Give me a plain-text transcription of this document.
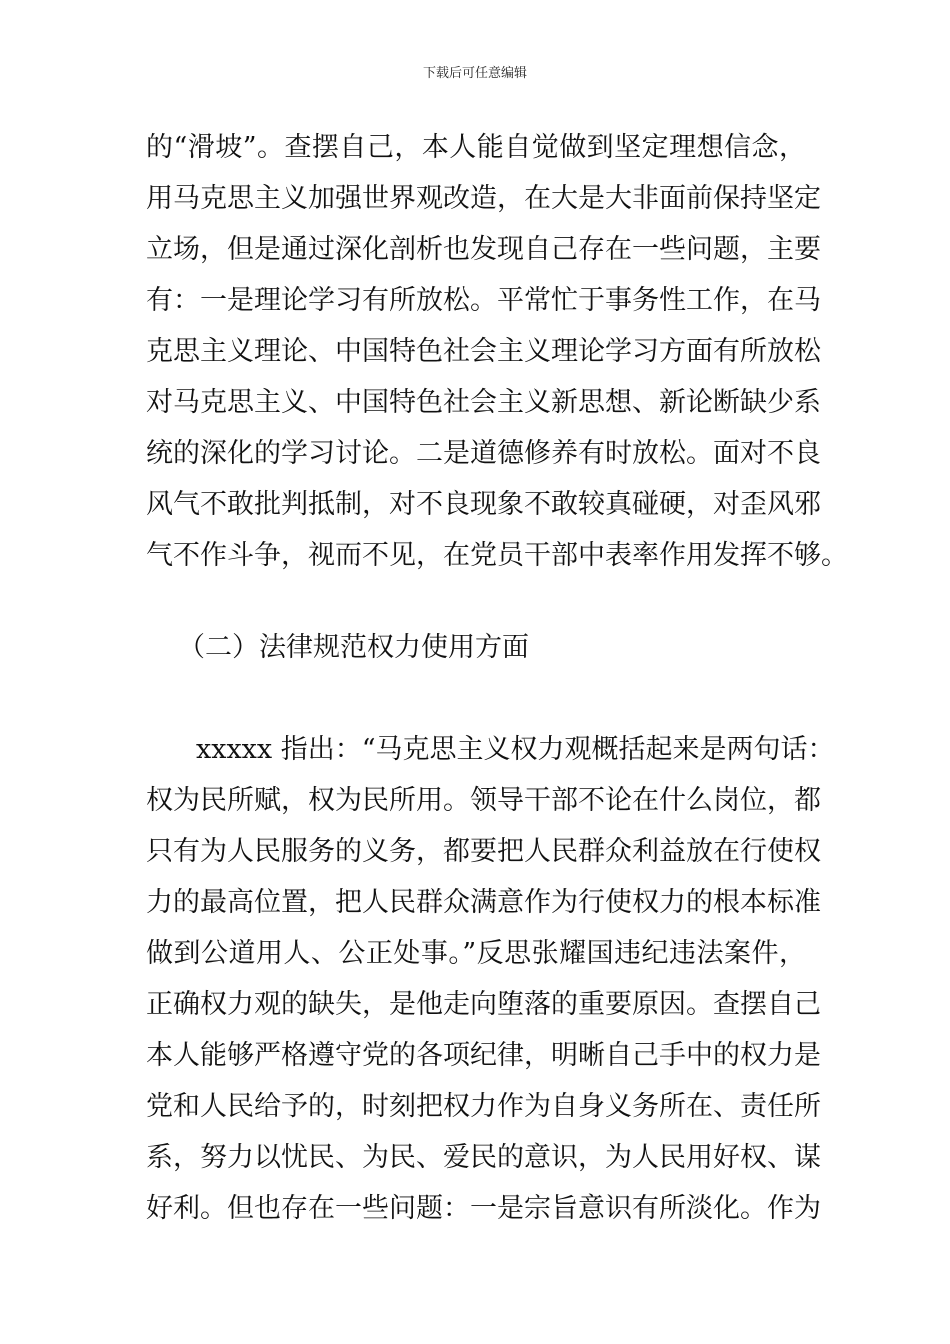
下载后可任意编辑
的“滑坡”。查摆自己，本人能自觉做到坚定理想信念，
用马克思主义加强世界观改造，在大是大非面前保持坚定
立场，但是通过深化剖析也发现自己存在一些问题，主要
有：一是理论学习有所放松。平常忙于事务性工作，在马
克思主义理论、中国特色社会主义理论学习方面有所放松
对马克思主义、中国特色社会主义新思想、新论断缺少系
统的深化的学习讨论。二是道德修养有时放松。面对不良
风气不敢批判抵制，对不良现象不敢较真碰硬，对歪风邪
气不作斗争，视而不见，在党员干部中表率作用发挥不够。
（二）法律规范权力使用方面
xxxxx 指出：“马克思主义权力观概括起来是两句话：
权为民所赋，权为民所用。领导干部不论在什么岗位，都
只有为人民服务的义务，都要把人民群众利益放在行使权
力的最高位置，把人民群众满意作为行使权力的根本标准
做到公道用人、公正处事。”反思张耀国违纪违法案件，
正确权力观的缺失，是他走向堕落的重要原因。查摆自己
本人能够严格遵守党的各项纪律，明晰自己手中的权力是
党和人民给予的，时刻把权力作为自身义务所在、责任所
系，努力以忧民、为民、爱民的意识，为人民用好权、谋
好利。但也存在一些问题：一是宗旨意识有所淡化。作为
